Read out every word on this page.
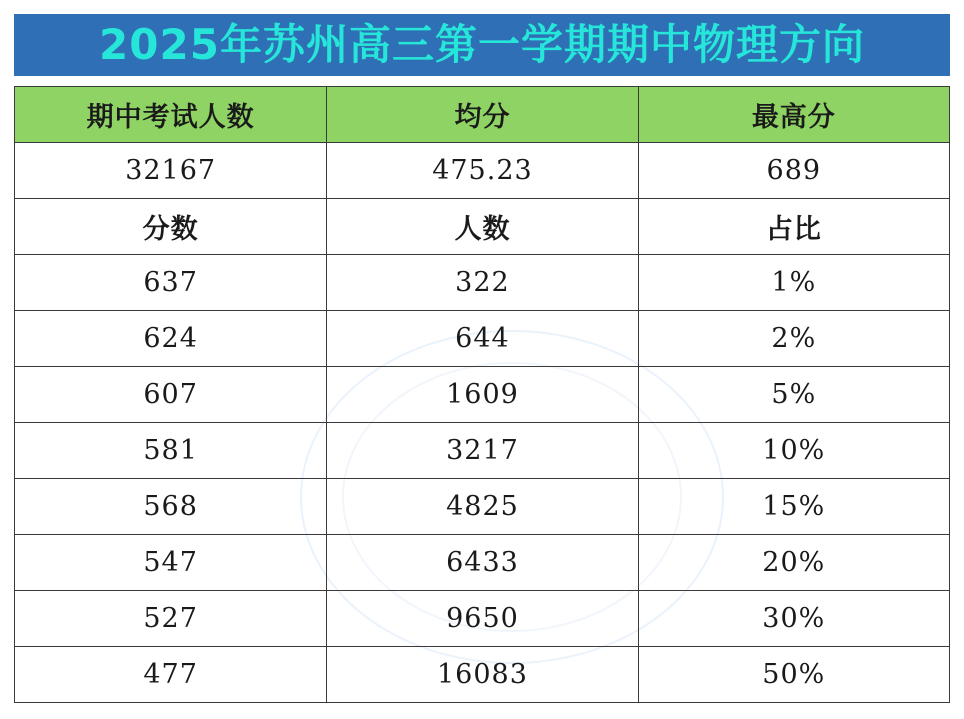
2025年苏州高三第一学期期中物理方向
期中考试人数	均分	最高分
32167	475.23	689
分数	人数	占比
637	322	1%
624	644	2%
607	1609	5%
581	3217	10%
568	4825	15%
547	6433	20%
527	9650	30%
477	16083	50%
